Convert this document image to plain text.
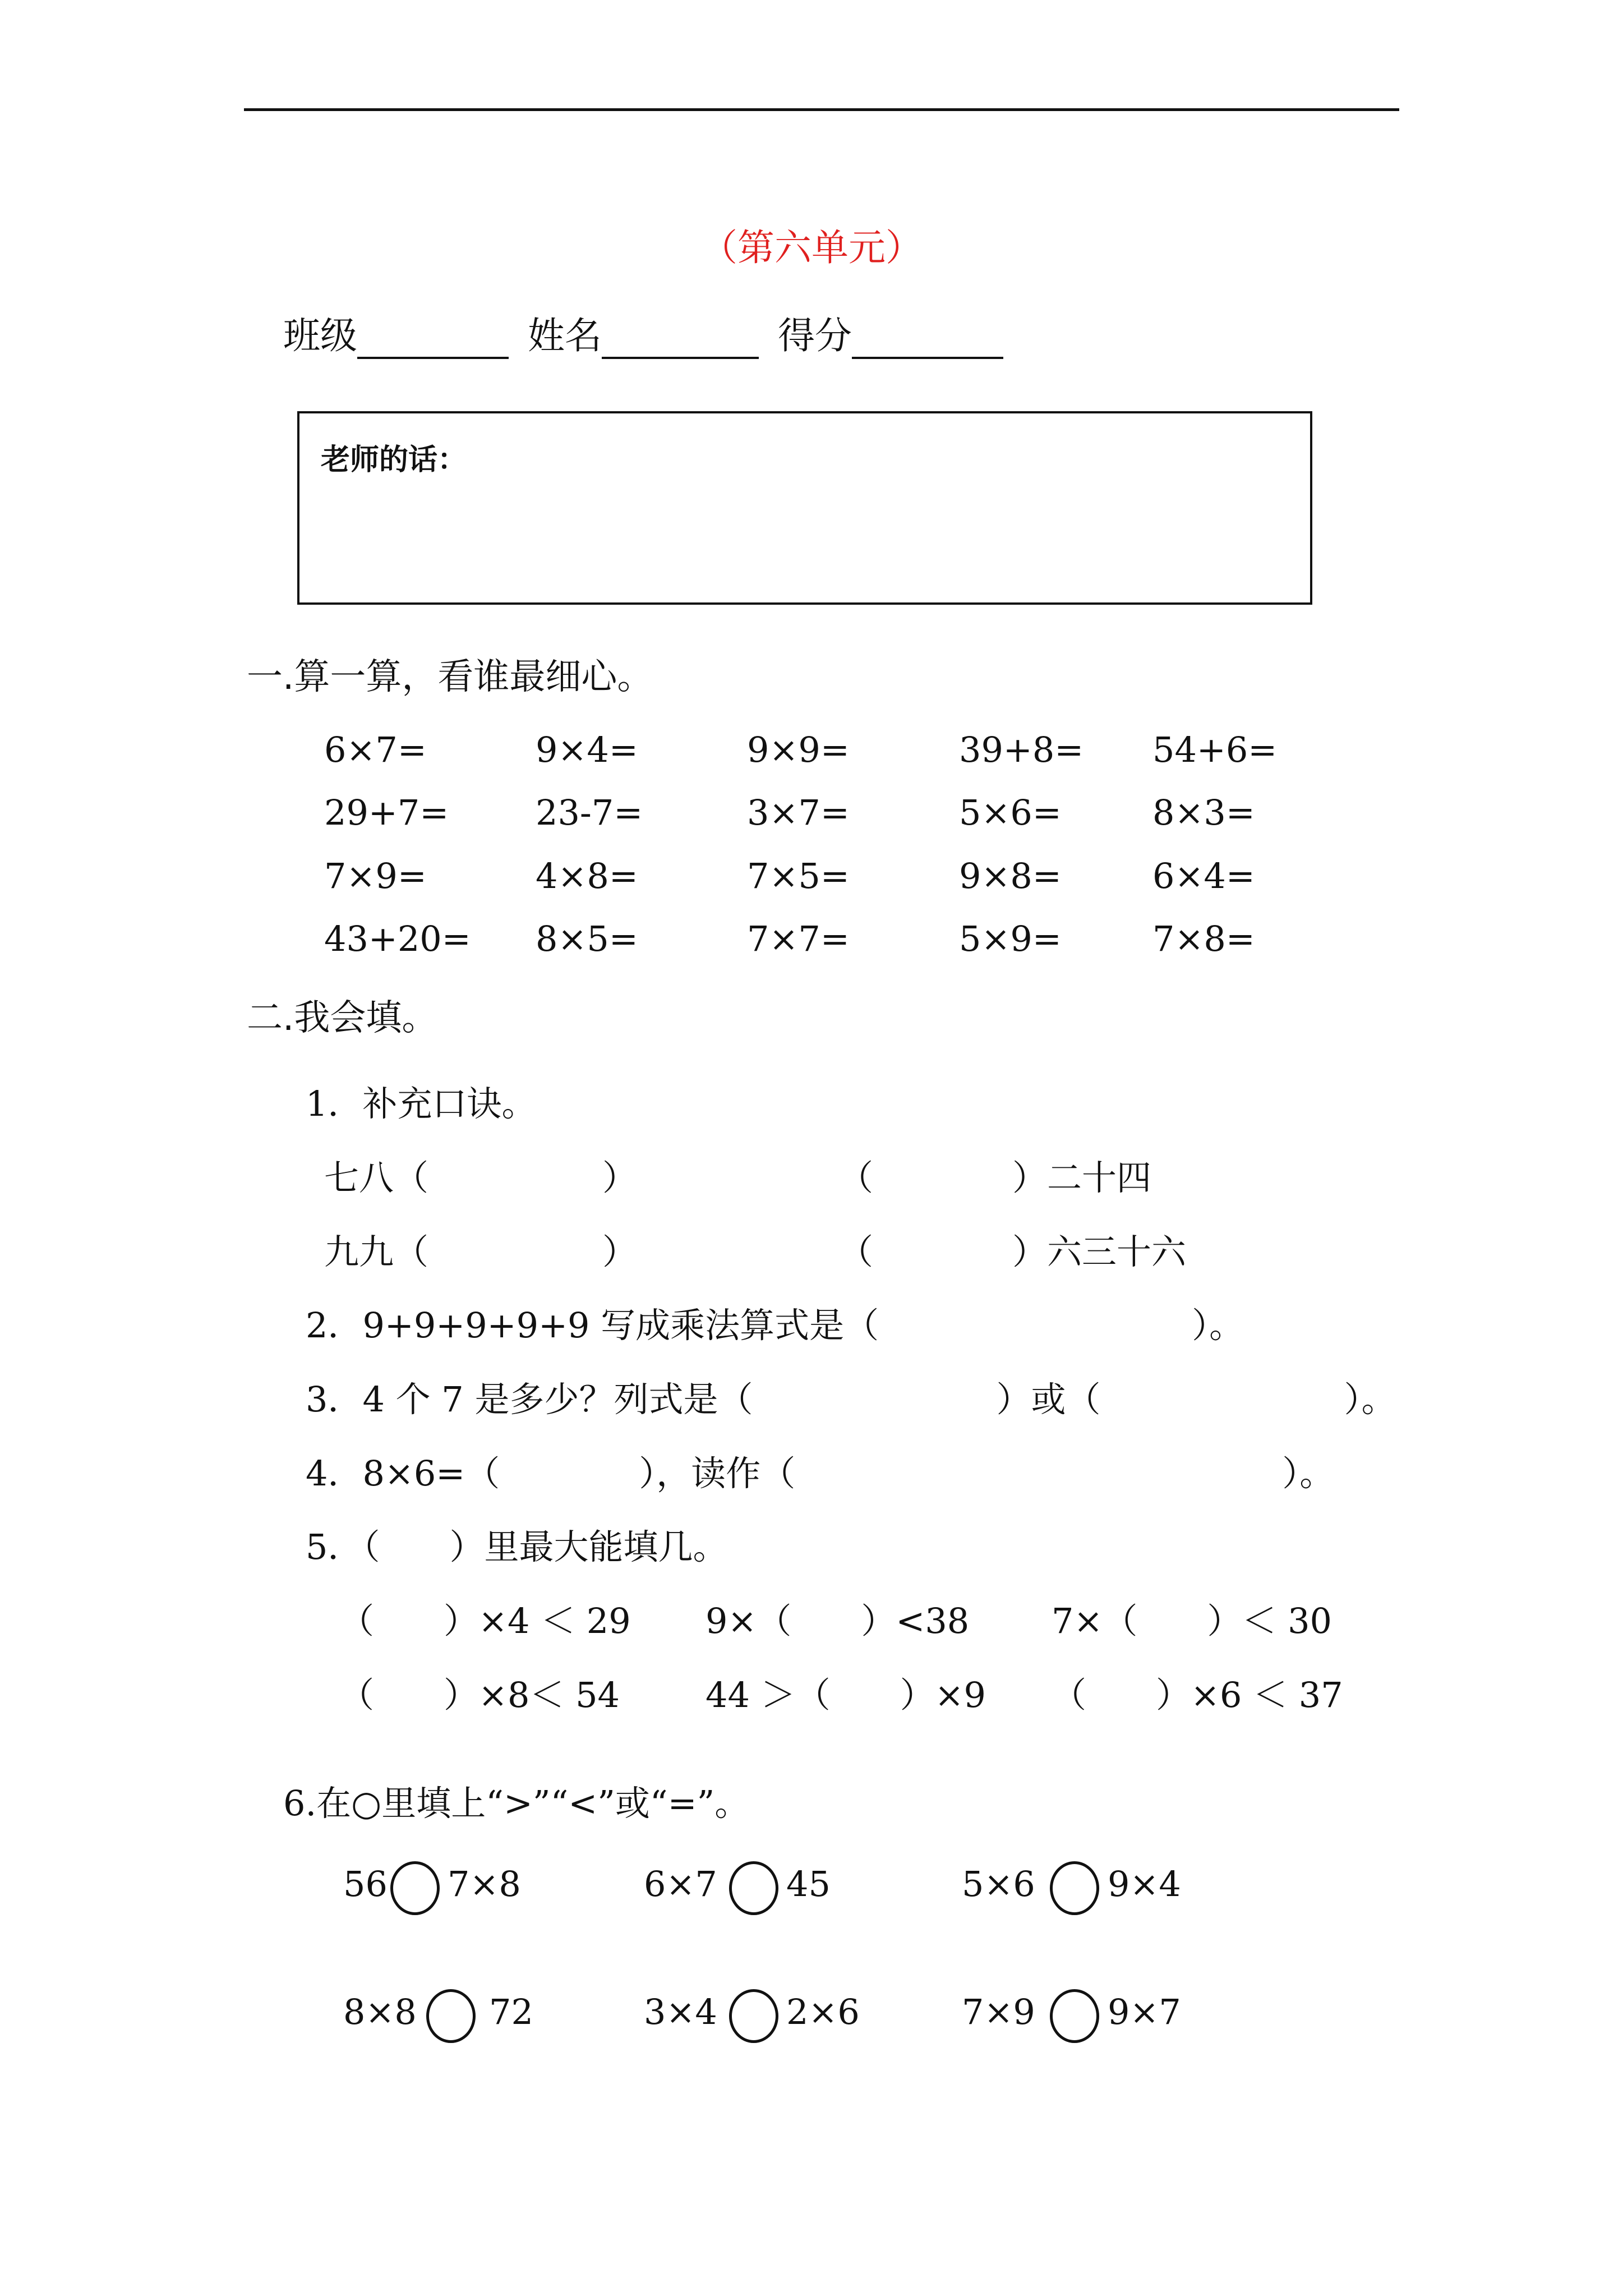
（第六单元）
班级	姓名	得分
老师的话：
一.算一算，看谁最细心。
6×7=	9×4=	9×9=	39+8= 54+6=
29+7= 23-7=	3×7=	5×6=	8×3=
7×9=	4×8=	7×5=	9×8=	6×4=
43+20= 8×5=	7×7=	5×9=	7×8=
二.我会填。
1．补充口诀。
七八（　　　　　）	（　　　　）二十四
九九（　　　　　）	（　　　　）六三十六
2．9+9+9+9+9 写成乘法算式是（　　　　　　　　　）。
3．4 个 7 是多少？列式是（　　　　　　　）或（　　　　　　　）。
4．8×6=（　　　　），读作（　　　　　　　　　　　　　　）。
5．（　　）里最大能填几。
（　　）×4 ＜ 29 9×（　　）<38 7×（　　）＜ 30
（　　）×8＜ 54 44 ＞（　　）×9 （　　）×6 ＜ 37
6.在○里填上“>”“<”或“=”。
56 7×8	6×7 45	5×6 9×4
8×8 72	3×4 2×6	7×9 9×7
